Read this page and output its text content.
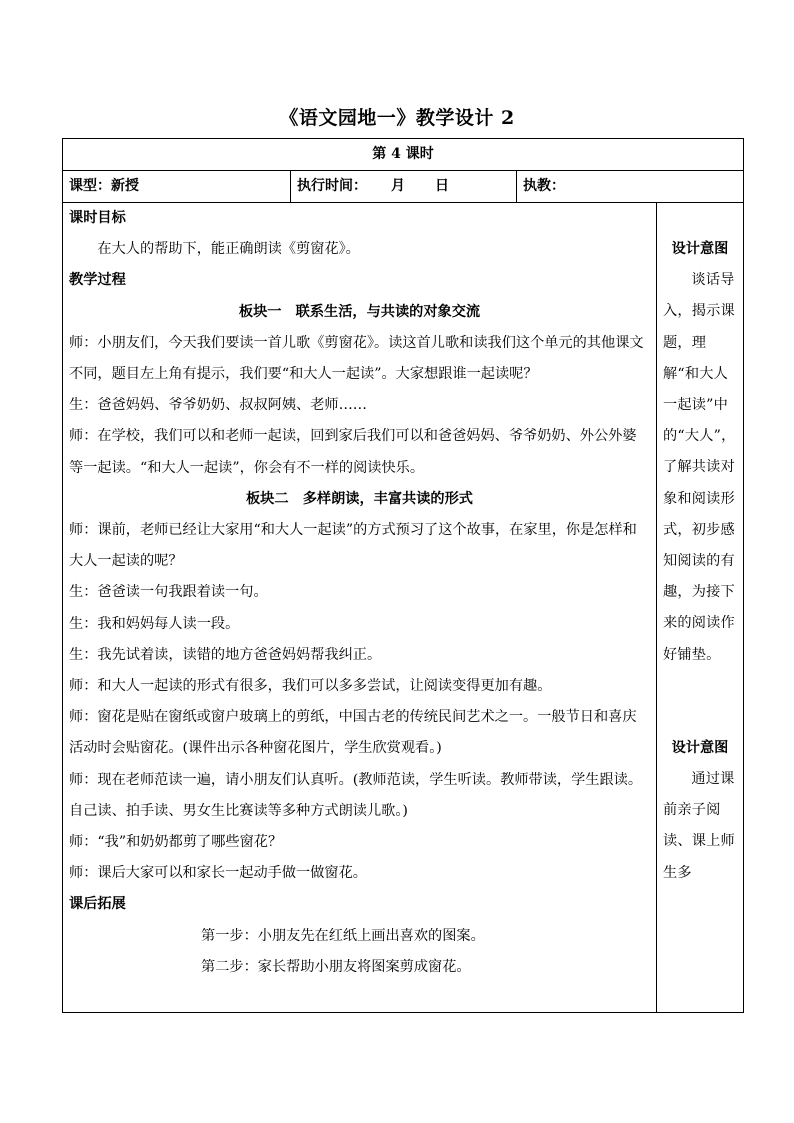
《语文园地一》教学设计 2
第 4 课时
课型：新授	执行时间： 月 日	执教：

课时目标

在大人的帮助下，能正确朗读《剪窗花》。

教学过程

板块一　联系生活，与共读的对象交流

师：小朋友们，今天我们要读一首儿歌《剪窗花》。读这首儿歌和读我们这个单元的其他课文不同，题目左上角有提示，我们要“和大人一起读”。大家想跟谁一起读呢？

生：爸爸妈妈、爷爷奶奶、叔叔阿姨、老师……

师：在学校，我们可以和老师一起读，回到家后我们可以和爸爸妈妈、爷爷奶奶、外公外婆等一起读。“和大人一起读”，你会有不一样的阅读快乐。

板块二　多样朗读，丰富共读的形式

师：课前，老师已经让大家用“和大人一起读”的方式预习了这个故事，在家里，你是怎样和大人一起读的呢？

生：爸爸读一句我跟着读一句。

生：我和妈妈每人读一段。

生：我先试着读，读错的地方爸爸妈妈帮我纠正。

师：和大人一起读的形式有很多，我们可以多多尝试，让阅读变得更加有趣。

师：窗花是贴在窗纸或窗户玻璃上的剪纸，中国古老的传统民间艺术之一。一般节日和喜庆活动时会贴窗花。(课件出示各种窗花图片，学生欣赏观看。)

师：现在老师范读一遍，请小朋友们认真听。(教师范读，学生听读。教师带读，学生跟读。自己读、拍手读、男女生比赛读等多种方式朗读儿歌。)

师：“我”和奶奶都剪了哪些窗花？

师：课后大家可以和家长一起动手做一做窗花。

课后拓展

第一步：小朋友先在红纸上画出喜欢的图案。

第二步：家长帮助小朋友将图案剪成窗花。

设计意图

谈话导入，揭示课题，理解“和大人一起读”中的“大人”，了解共读对象和阅读形式，初步感知阅读的有趣，为接下来的阅读作好铺垫。

设计意图

通过课前亲子阅读、课上师生多
